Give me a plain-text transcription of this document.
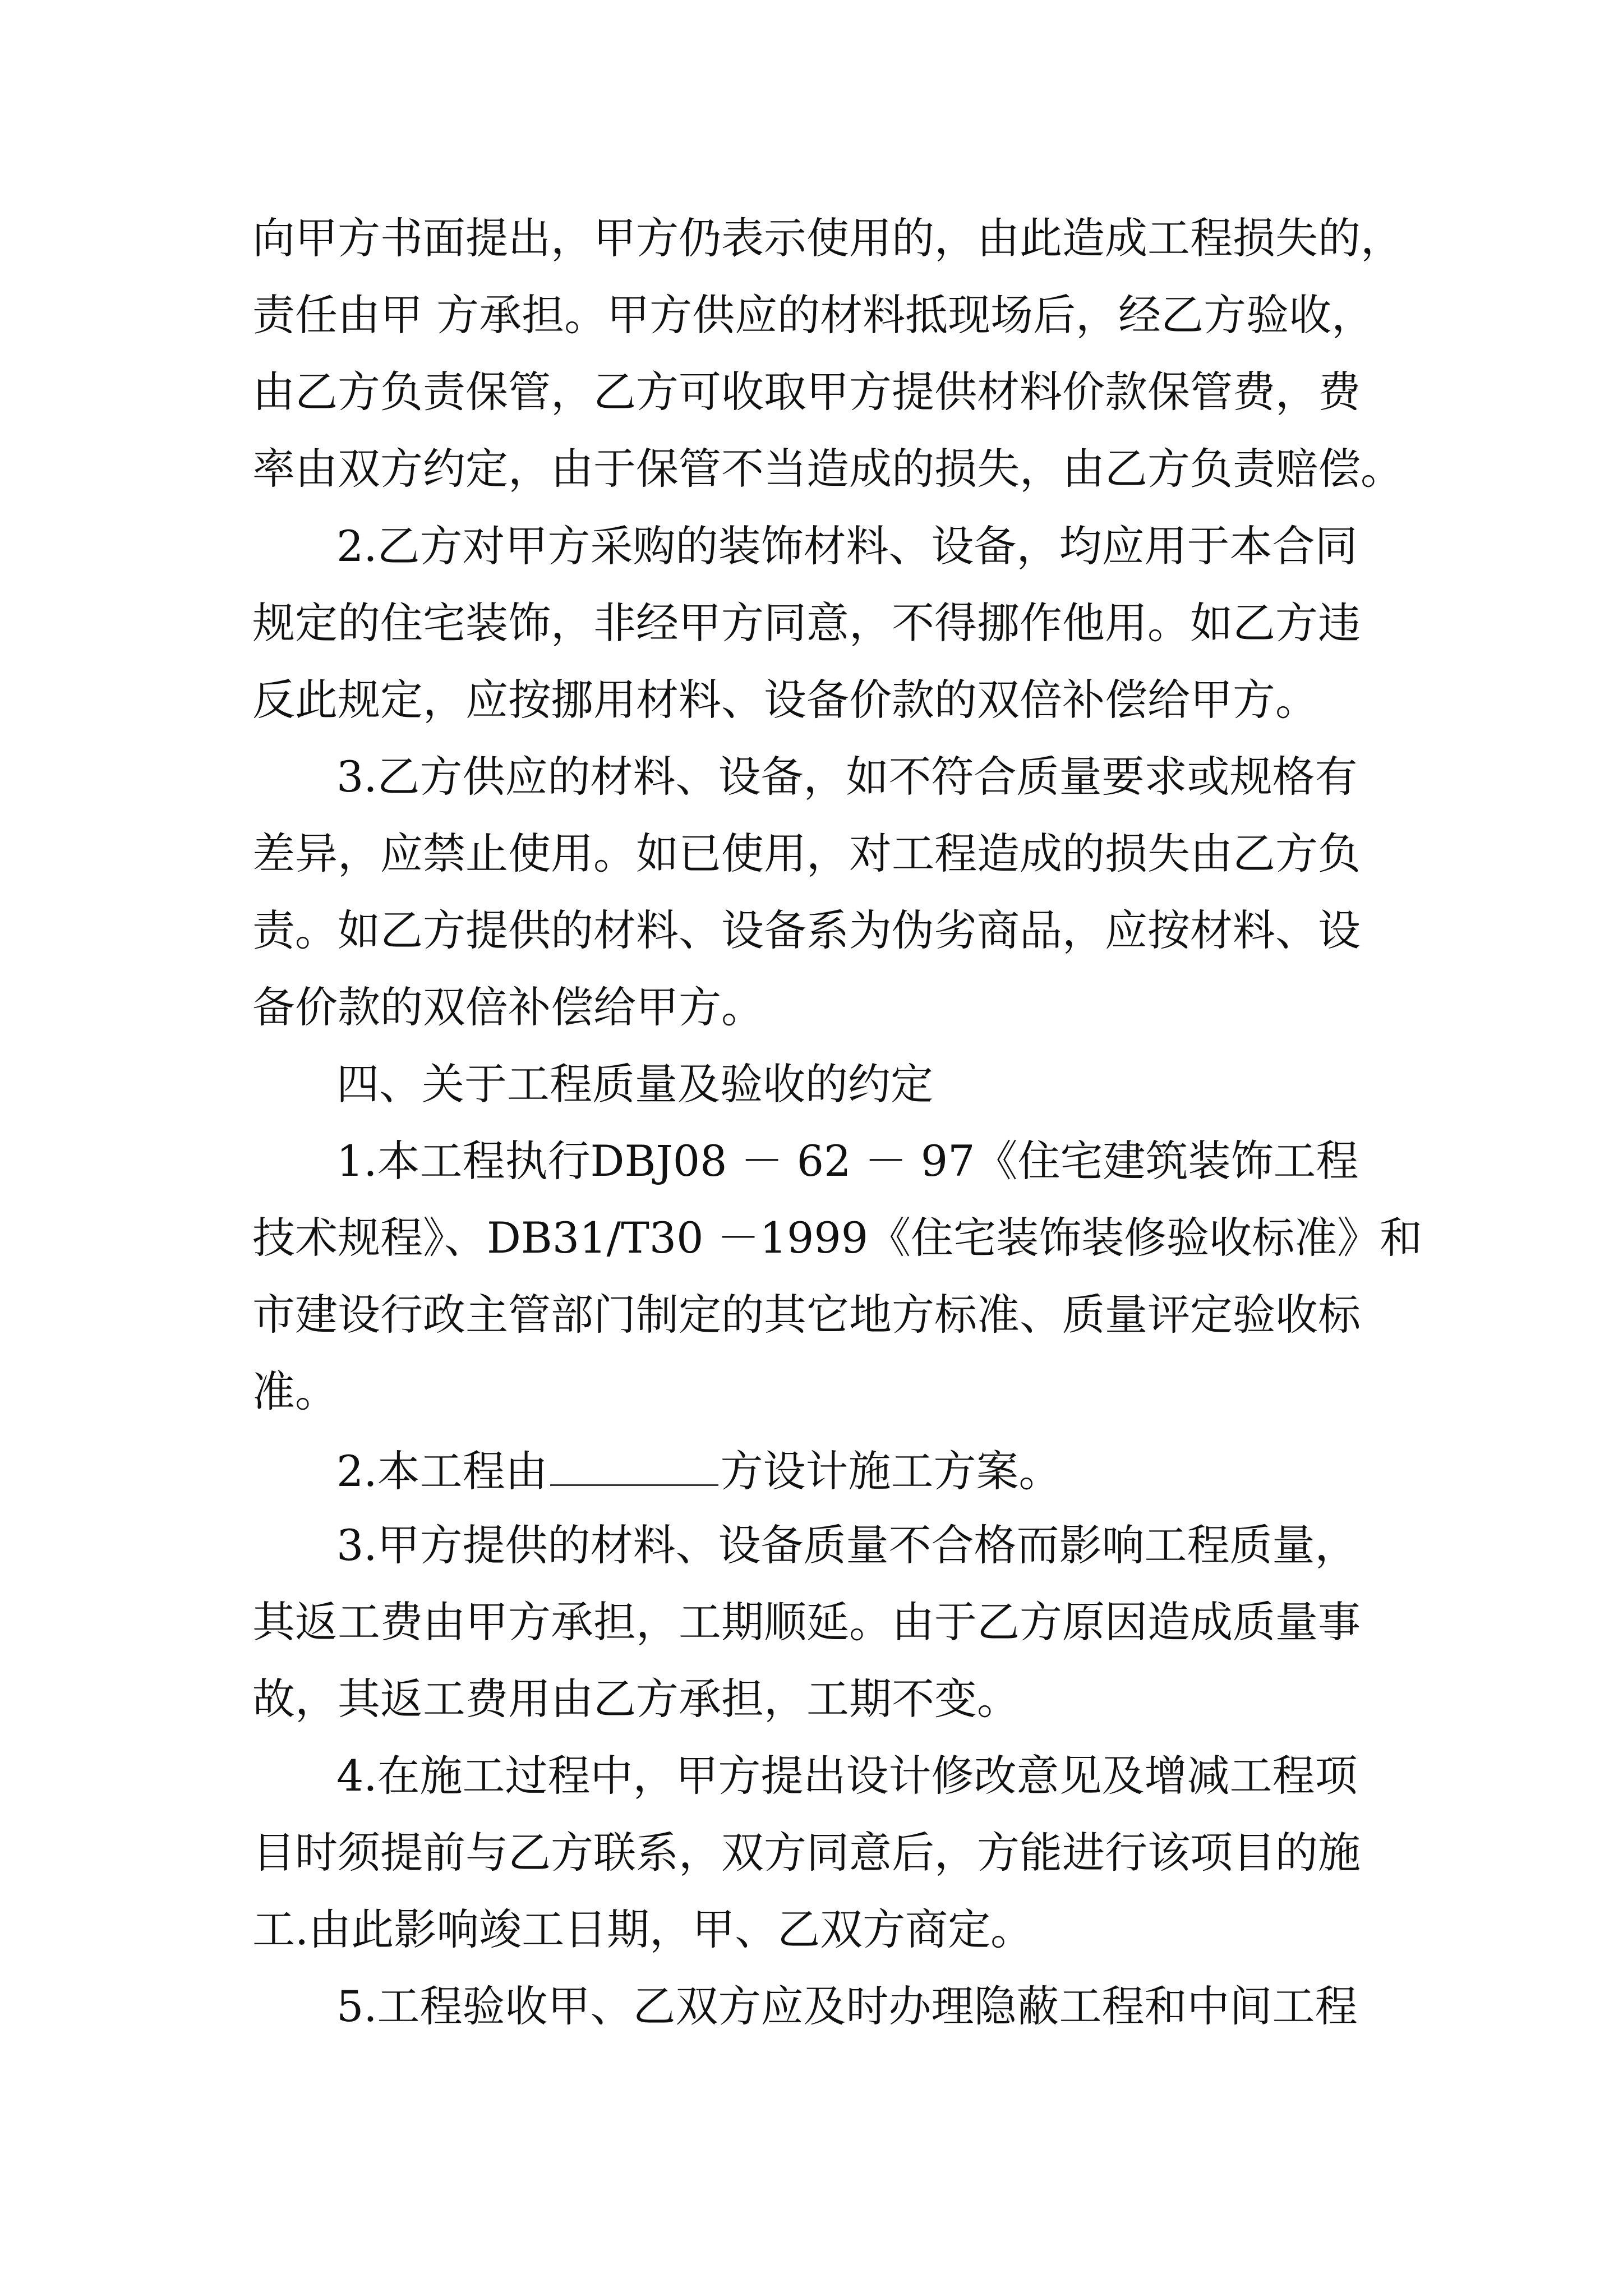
向甲方书面提出，甲方仍表示使用的，由此造成工程损失的，
责任由甲 方承担。甲方供应的材料抵现场后，经乙方验收，
由乙方负责保管，乙方可收取甲方提供材料价款保管费，费
率由双方约定，由于保管不当造成的损失，由乙方负责赔偿。
2.乙方对甲方采购的装饰材料、设备，均应用于本合同
规定的住宅装饰，非经甲方同意，不得挪作他用。如乙方违
反此规定，应按挪用材料、设备价款的双倍补偿给甲方。
3.乙方供应的材料、设备，如不符合质量要求或规格有
差异，应禁止使用。如已使用，对工程造成的损失由乙方负
责。如乙方提供的材料、设备系为伪劣商品，应按材料、设
备价款的双倍补偿给甲方。
四、关于工程质量及验收的约定
1.本工程执行DBJ08 － 62 － 97《住宅建筑装饰工程
技术规程》、DB31/T30 －1999《住宅装饰装修验收标准》和
市建设行政主管部门制定的其它地方标准、质量评定验收标
准。
2.本工程由	方设计施工方案。
3.甲方提供的材料、设备质量不合格而影响工程质量，
其返工费由甲方承担，工期顺延。由于乙方原因造成质量事
故，其返工费用由乙方承担，工期不变。
4.在施工过程中，甲方提出设计修改意见及增减工程项
目时须提前与乙方联系，双方同意后，方能进行该项目的施
工.由此影响竣工日期，甲、乙双方商定。
5.工程验收甲、乙双方应及时办理隐蔽工程和中间工程
